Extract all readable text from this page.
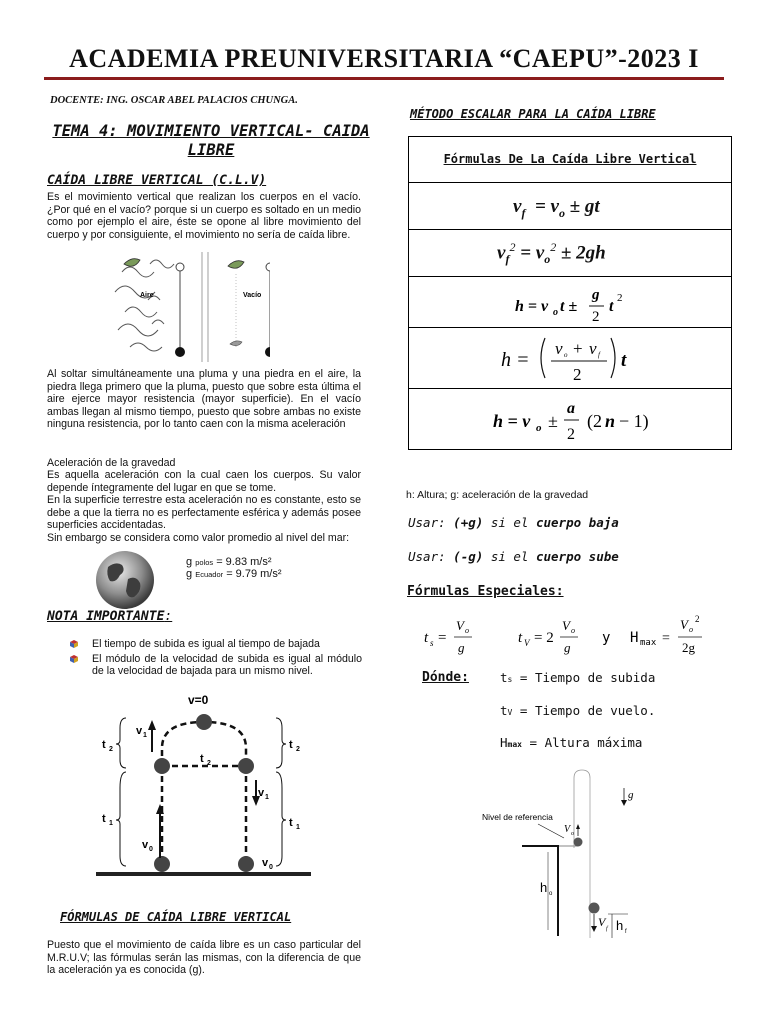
ACADEMIA PREUNIVERSITARIA “CAEPU”-2023 I
DOCENTE: ING. OSCAR ABEL PALACIOS CHUNGA.
TEMA 4: MOVIMIENTO VERTICAL- CAIDA LIBRE
CAÍDA LIBRE VERTICAL (C.L.V)
Es el movimiento vertical que realizan los cuerpos en el vacío. ¿Por qué en el vacío? porque si un cuerpo es soltado en un medio como por ejemplo el aire, éste se opone al libre movimiento del cuerpo y por consiguiente, el movimiento no sería de caída libre.
Aire	Vacío
Al soltar simultáneamente una pluma y una piedra en el aire, la piedra llega primero que la pluma, puesto que sobre esta última el aire ejerce mayor resistencia (mayor superficie). En el vacío ambas llegan al mismo tiempo, puesto que sobre ambas no existe ninguna resistencia, por lo tanto caen con la misma aceleración
Aceleración de la gravedad
Es aquella aceleración con la cual caen los cuerpos. Su valor depende íntegramente del lugar en que se tome.
En la superficie terrestre esta aceleración no es constante, esto se debe a que la tierra no es perfectamente esférica y además posee superficies accidentadas.
Sin embargo se considera como valor promedio al nivel del mar:
g polos = 9.83 m/s²
g Ecuador = 9.79 m/s²
NOTA IMPORTANTE:
El tiempo de subida es igual al tiempo de bajada
El módulo de la velocidad de subida es igual al módulo de la velocidad de bajada para un mismo nivel.
v=0
v 1
v 0
v 1
v 0
t 2
t 2
t 1
t 2
t 1
FÓRMULAS DE CAÍDA LIBRE VERTICAL
Puesto que el movimiento de caída libre es un caso particular del M.R.U.V; las fórmulas serán las mismas, con la diferencia de que la aceleración ya es conocida (g).
MÉTODO ESCALAR PARA LA CAÍDA LIBRE
Fórmulas De La Caída Libre Vertical
$v_f = v_o$ ± gt
$v_f^2 = v_o^2 \pm 2gh$
h = v o t ±
g
2
t 2
h =
ν o + ν f
2
t
h = v o ±
a
2
(2 n − 1)
h: Altura; g: aceleración de la gravedad
Usar: (+g) si el cuerpo baja
Usar: (-g) si el cuerpo sube
Fórmulas Especiales:
t s =
V o
g
t V = 2
V o
g
y H max =
V o
2
2g
Dónde: ts = Tiempo de subida
tV = Tiempo de vuelo.
Hmax = Altura máxima
Nivel de referencia
V o
g
h o
V f h f
